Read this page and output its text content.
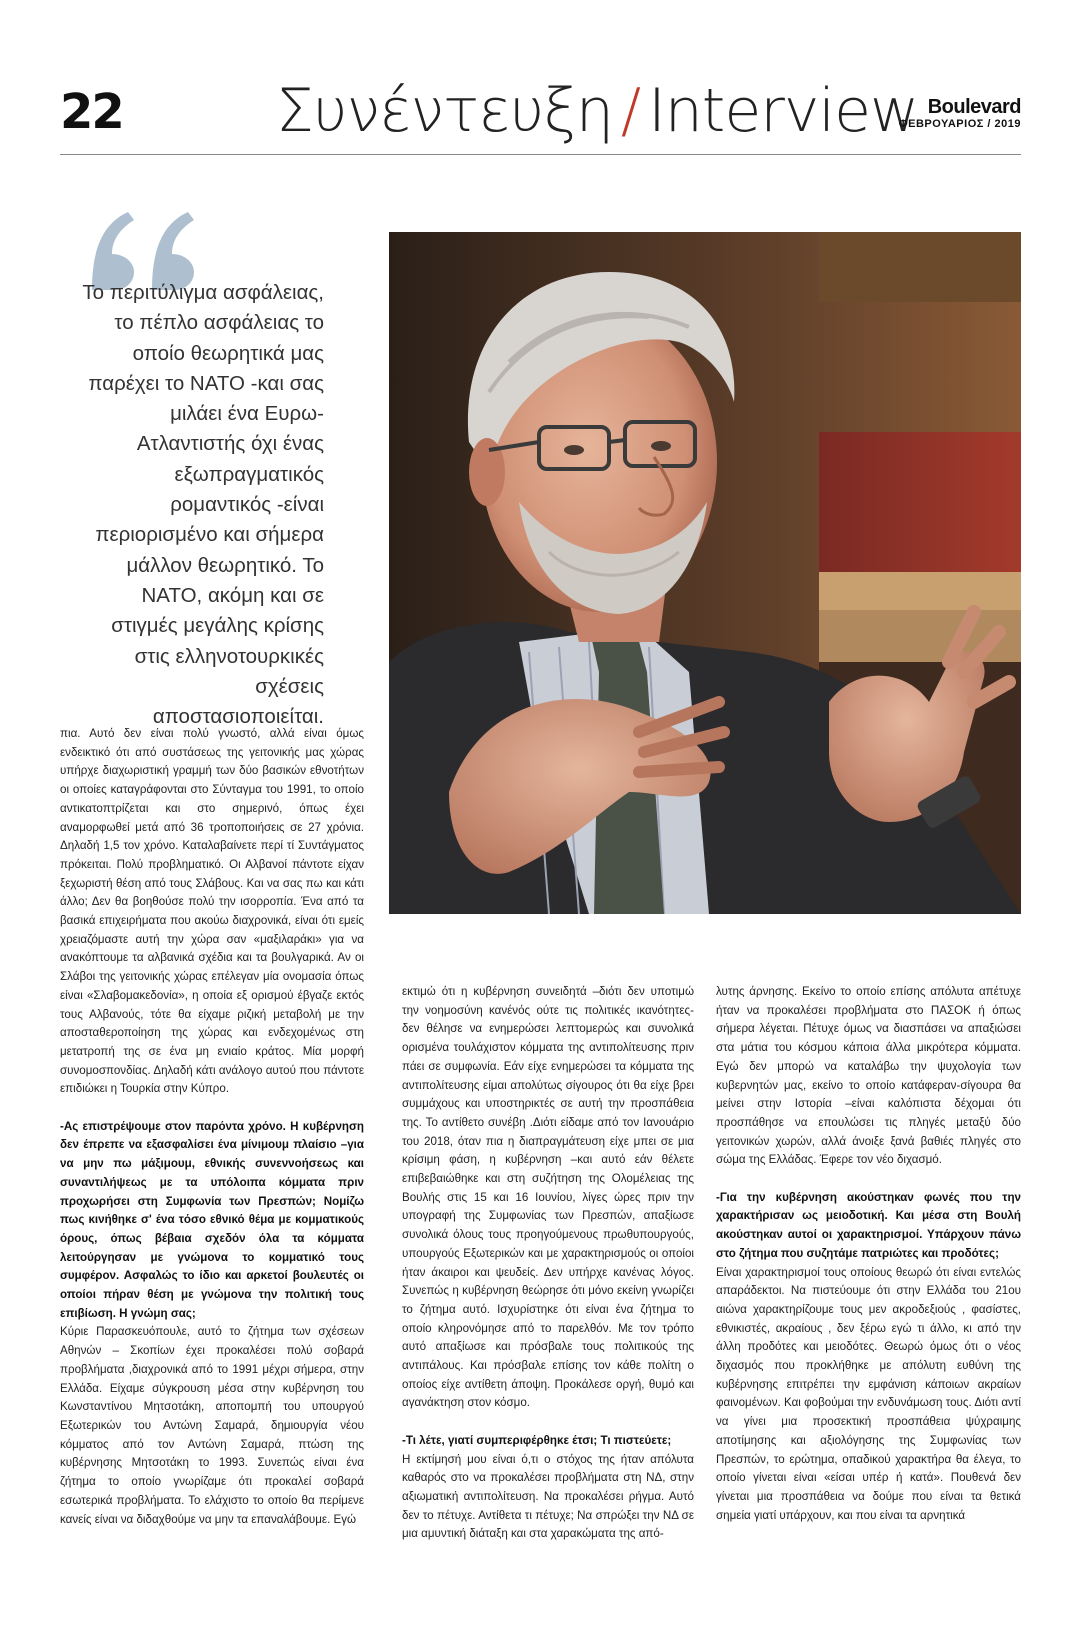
22	Συνέντευξη / Interview Boulevard
ΦΕΒΡΟΥΑΡΙΟΣ / 2019
Το περιτύλιγμα ασφάλειας, το πέπλο ασφάλειας το οποίο θεωρητικά μας παρέχει το ΝΑΤΟ -και σας μιλάει ένα Ευρω-Ατλαντιστής όχι ένας εξωπραγματικός ρομαντικός -είναι περιορισμένο και σήμερα μάλλον θεωρητικό. Το ΝΑΤΟ, ακόμη και σε στιγμές μεγάλης κρίσης στις ελληνοτουρκικές σχέσεις αποστασιοποιείται.

πια. Αυτό δεν είναι πολύ γνωστό, αλλά είναι όμως ενδεικτικό ότι από συστάσεως της γειτονικής μας χώρας υπήρχε διαχωριστική γραμμή των δύο βασικών εθνοτήτων οι οποίες καταγράφονται στο Σύνταγμα του 1991, το οποίο αντικατοπτρίζεται και στο σημερινό, όπως έχει αναμορφωθεί μετά από 36 τροποποιήσεις σε 27 χρόνια. Δηλαδή 1,5 τον χρόνο. Καταλαβαίνετε περί τί Συντάγματος πρόκειται. Πολύ προβληματικό. Οι Αλβανοί πάντοτε είχαν ξεχωριστή θέση από τους Σλάβους. Και να σας πω και κάτι άλλο; Δεν θα βοηθούσε πολύ την ισορροπία. Ένα από τα βασικά επιχειρήματα που ακούω διαχρονικά, είναι ότι εμείς χρειαζόμαστε αυτή την χώρα σαν «μαξιλαράκι» για να ανακόπτουμε τα αλβανικά σχέδια και τα βουλγαρικά. Αν οι Σλάβοι της γειτονικής χώρας επέλεγαν μία ονομασία όπως είναι «Σλαβομακεδονία», η οποία εξ ορισμού έβγαζε εκτός τους Αλβανούς, τότε θα είχαμε ριζική μεταβολή με την αποσταθεροποίηση της χώρας και ενδεχομένως στη μετατροπή της σε ένα μη ενιαίο κράτος. Μία μορφή συνομοσπονδίας. Δηλαδή κάτι ανάλογο αυτού που πάντοτε επιδιώκει η Τουρκία στην Κύπρο.

-Ας επιστρέψουμε στον παρόντα χρόνο. Η κυβέρνηση δεν έπρεπε να εξασφαλίσει ένα μίνιμουμ πλαίσιο –για να μην πω μάξιμουμ, εθνικής συνεννοήσεως και συναντιλήψεως με τα υπόλοιπα κόμματα πριν προχωρήσει στη Συμφωνία των Πρεσπών; Νομίζω πως κινήθηκε σ' ένα τόσο εθνικό θέμα με κομματικούς όρους, όπως βέβαια σχεδόν όλα τα κόμματα λειτούργησαν με γνώμονα το κομματικό τους συμφέρον. Ασφαλώς το ίδιο και αρκετοί βουλευτές οι οποίοι πήραν θέση με γνώμονα την πολιτική τους επιβίωση. Η γνώμη σας;

Κύριε Παρασκευόπουλε, αυτό το ζήτημα των σχέσεων Αθηνών – Σκοπίων έχει προκαλέσει πολύ σοβαρά προβλήματα ,διαχρονικά από το 1991 μέχρι σήμερα, στην Ελλάδα. Είχαμε σύγκρουση μέσα στην κυβέρνηση του Κωνσταντίνου Μητσοτάκη, αποπομπή του υπουργού Εξωτερικών του Αντώνη Σαμαρά, δημιουργία νέου κόμματος από τον Αντώνη Σαμαρά, πτώση της κυβέρνησης Μητσοτάκη το 1993. Συνεπώς είναι ένα ζήτημα το οποίο γνωρίζαμε ότι προκαλεί σοβαρά εσωτερικά προβλήματα. Το ελάχιστο το οποίο θα περίμενε κανείς είναι να διδαχθούμε να μην τα επαναλάβουμε. Εγώ

εκτιμώ ότι η κυβέρνηση συνειδητά –διότι δεν υποτιμώ την νοημοσύνη κανένός ούτε τις πολιτικές ικανότητες- δεν θέλησε να ενημερώσει λεπτομερώς και συνολικά ορισμένα τουλάχιστον κόμματα της αντιπολίτευσης πριν πάει σε συμφωνία. Εάν είχε ενημερώσει τα κόμματα της αντιπολίτευσης είμαι απολύτως σίγουρος ότι θα είχε βρει συμμάχους και υποστηρικτές σε αυτή την προσπάθεια της. Το αντίθετο συνέβη .Διότι είδαμε από τον Ιανουάριο του 2018, όταν πια η διαπραγμάτευση είχε μπει σε μια κρίσιμη φάση, η κυβέρνηση –και αυτό εάν θέλετε επιβεβαιώθηκε και στη συζήτηση της Ολομέλειας της Βουλής στις 15 και 16 Ιουνίου, λίγες ώρες πριν την υπογραφή της Συμφωνίας των Πρεσπών, απαξίωσε συνολικά όλους τους προηγούμενους πρωθυπουργούς, υπουργούς Εξωτερικών και με χαρακτηρισμούς οι οποίοι ήταν άκαιροι και ψευδείς. Δεν υπήρχε κανένας λόγος. Συνεπώς η κυβέρνηση θεώρησε ότι μόνο εκείνη γνωρίζει το ζήτημα αυτό. Ισχυρίστηκε ότι είναι ένα ζήτημα το οποίο κληρονόμησε από το παρελθόν. Με τον τρόπο αυτό απαξίωσε και πρόσβαλε τους πολιτικούς της αντιπάλους. Και πρόσβαλε επίσης τον κάθε πολίτη ο οποίος είχε αντίθετη άποψη. Προκάλεσε οργή, θυμό και αγανάκτηση στον κόσμο.

-Τι λέτε, γιατί συμπεριφέρθηκε έτσι; Τι πιστεύετε;

Η εκτίμησή μου είναι ό,τι ο στόχος της ήταν απόλυτα καθαρός στο να προκαλέσει προβλήματα στη ΝΔ, στην αξιωματική αντιπολίτευση. Να προκαλέσει ρήγμα. Αυτό δεν το πέτυχε. Αντίθετα τι πέτυχε; Να σπρώξει την ΝΔ σε μια αμυντική διάταξη και στα χαρακώματα της από-

λυτης άρνησης. Εκείνο το οποίο επίσης απόλυτα απέτυχε ήταν να προκαλέσει προβλήματα στο ΠΑΣΟΚ ή όπως σήμερα λέγεται. Πέτυχε όμως να διασπάσει να απαξιώσει στα μάτια του κόσμου κάποια άλλα μικρότερα κόμματα. Εγώ δεν μπορώ να καταλάβω την ψυχολογία των κυβερνητών μας, εκείνο το οποίο κατάφεραν-σίγουρα θα μείνει στην Ιστορία –είναι καλόπιστα δέχομαι ότι προσπάθησε να επουλώσει τις πληγές μεταξύ δύο γειτονικών χωρών, αλλά άνοιξε ξανά βαθιές πληγές στο σώμα της Ελλάδας. Έφερε τον νέο διχασμό.

-Για την κυβέρνηση ακούστηκαν φωνές που την χαρακτήρισαν ως μειοδοτική. Και μέσα στη Βουλή ακούστηκαν αυτοί οι χαρακτηρισμοί. Υπάρχουν πάνω στο ζήτημα που συζητάμε πατριώτες και προδότες;

Είναι χαρακτηρισμοί τους οποίους θεωρώ ότι είναι εντελώς απαράδεκτοι. Να πιστεύουμε ότι στην Ελλάδα του 21ου αιώνα χαρακτηρίζουμε τους μεν ακροδεξιούς , φασίστες, εθνικιστές, ακραίους , δεν ξέρω εγώ τι άλλο, κι από την άλλη προδότες και μειοδότες. Θεωρώ όμως ότι ο νέος διχασμός που προκλήθηκε με απόλυτη ευθύνη της κυβέρνησης επιτρέπει την εμφάνιση κάποιων ακραίων φαινομένων. Και φοβούμαι την ενδυνάμωση τους. Διότι αντί να γίνει μια προσεκτική προσπάθεια ψύχραιμης αποτίμησης και αξιολόγησης της Συμφωνίας των Πρεσπών, το ερώτημα, οπαδικού χαρακτήρα θα έλεγα, το οποίο γίνεται είναι «είσαι υπέρ ή κατά». Πουθενά δεν γίνεται μια προσπάθεια να δούμε που είναι τα θετικά σημεία γιατί υπάρχουν, και που είναι τα αρνητικά
